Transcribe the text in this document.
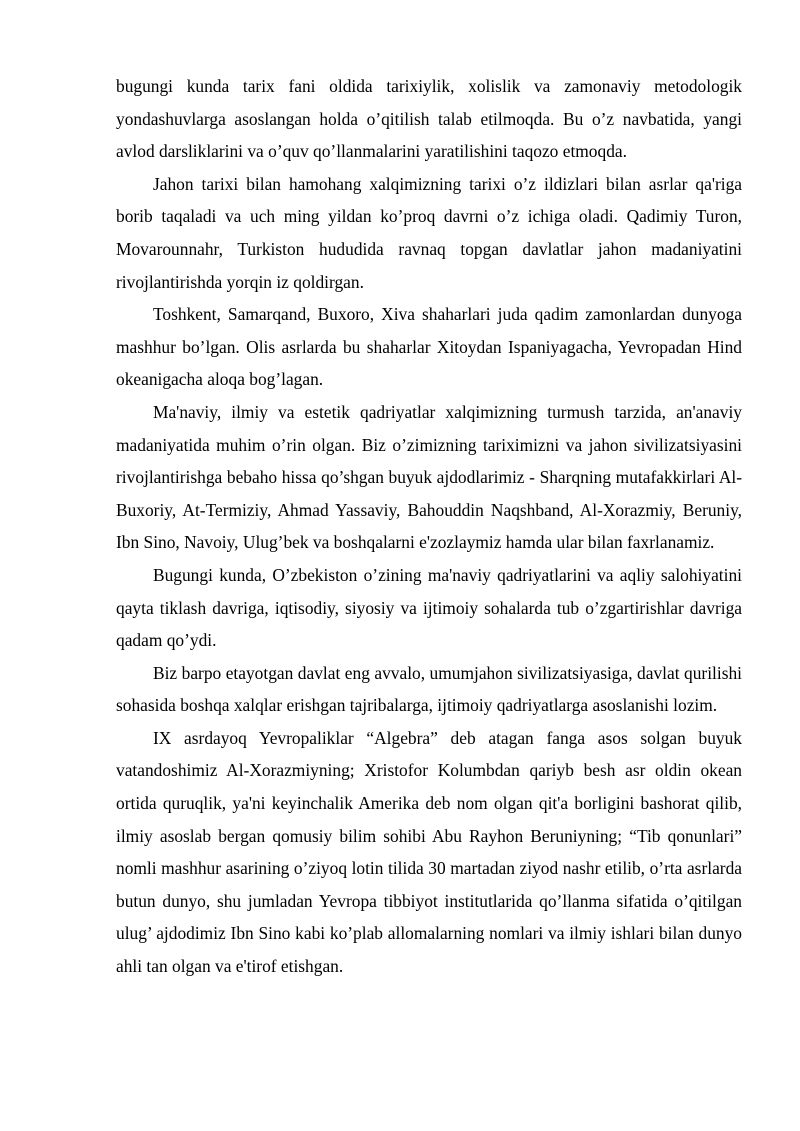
bugungi kunda tarix fani oldida tarixiylik, xolislik va zamonaviy metodologik yondashuvlarga asoslangan holda o’qitilish talab etilmoqda. Bu o’z navbatida, yangi avlod darsliklarini va o’quv qo’llanmalarini yaratilishini taqozo etmoqda.

Jahon tarixi bilan hamohang xalqimizning tarixi o’z ildizlari bilan asrlar qa'riga borib taqaladi va uch ming yildan ko’proq davrni o’z ichiga oladi. Qadimiy Turon, Movarounnahr, Turkiston hududida ravnaq topgan davlatlar jahon madaniyatini rivojlantirishda yorqin iz qoldirgan.

Toshkent, Samarqand, Buxoro, Xiva shaharlari juda qadim zamonlardan dunyoga mashhur bo’lgan. Olis asrlarda bu shaharlar Xitoydan Ispaniyagacha, Yevropadan Hind okeanigacha aloqa bog’lagan.

Ma'naviy, ilmiy va estetik qadriyatlar xalqimizning turmush tarzida, an'anaviy madaniyatida muhim o’rin olgan. Biz o’zimizning tariximizni va jahon sivilizatsiyasini rivojlantirishga bebaho hissa qo’shgan buyuk ajdodlarimiz - Sharqning mutafakkirlari Al-Buxoriy, At-Termiziy, Ahmad Yassaviy, Bahouddin Naqshband, Al-Xorazmiy, Beruniy, Ibn Sino, Navoiy, Ulug’bek va boshqalarni e'zozlaymiz hamda ular bilan faxrlanamiz.

Bugungi kunda, O’zbekiston o’zining ma'naviy qadriyatlarini va aqliy salohiyatini qayta tiklash davriga, iqtisodiy, siyosiy va ijtimoiy sohalarda tub o’zgartirishlar davriga qadam qo’ydi.

Biz barpo etayotgan davlat eng avvalo, umumjahon sivilizatsiyasiga, davlat qurilishi sohasida boshqa xalqlar erishgan tajribalarga, ijtimoiy qadriyatlarga asoslanishi lozim.

IX asrdayoq Yevropaliklar “Algebra” deb atagan fanga asos solgan buyuk vatandoshimiz Al-Xorazmiyning; Xristofor Kolumbdan qariyb besh asr oldin okean ortida quruqlik, ya'ni keyinchalik Amerika deb nom olgan qit'a borligini bashorat qilib, ilmiy asoslab bergan qomusiy bilim sohibi Abu Rayhon Beruniyning; “Tib qonunlari” nomli mashhur asarining o’ziyoq lotin tilida 30 martadan ziyod nashr etilib, o’rta asrlarda butun dunyo, shu jumladan Yevropa tibbiyot institutlarida qo’llanma sifatida o’qitilgan ulug’ ajdodimiz Ibn Sino kabi ko’plab allomalarning nomlari va ilmiy ishlari bilan dunyo ahli tan olgan va e'tirof etishgan.
